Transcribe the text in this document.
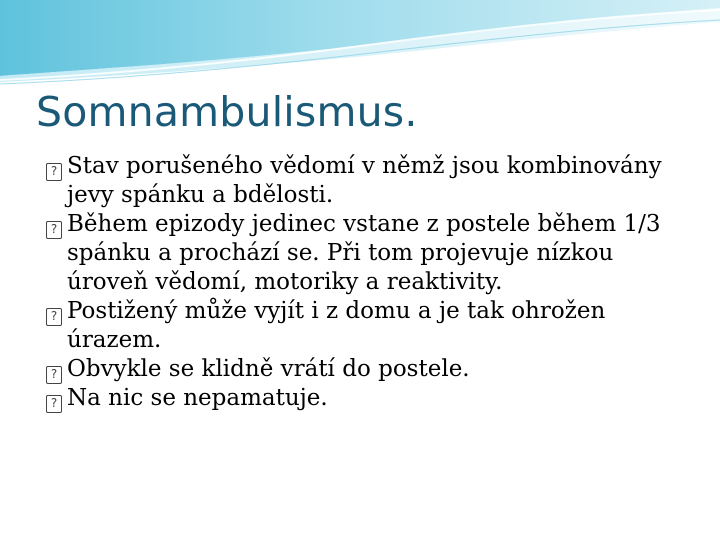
Somnambulismus.
? Stav porušeného vědomí v němž jsou kombinovány jevy spánku a bdělosti.
? Během epizody jedinec vstane z postele během 1/3 spánku a prochází se. Při tom projevuje nízkou úroveň vědomí, motoriky a reaktivity.
? Postižený může vyjít i z domu a je tak ohrožen úrazem.
? Obvykle se klidně vrátí do postele.
? Na nic se nepamatuje.
